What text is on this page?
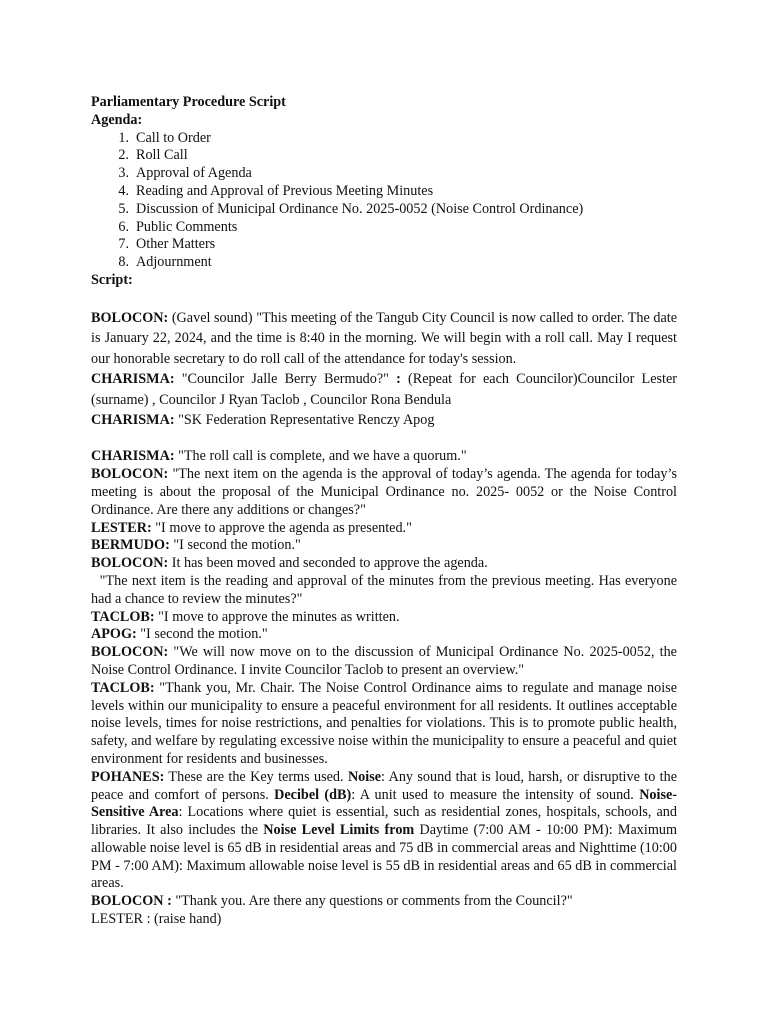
Parliamentary Procedure Script
Agenda:
1. Call to Order
2. Roll Call
3. Approval of Agenda
4. Reading and Approval of Previous Meeting Minutes
5. Discussion of Municipal Ordinance No. 2025-0052 (Noise Control Ordinance)
6. Public Comments
7. Other Matters
8. Adjournment
Script:

BOLOCON: (Gavel sound) "This meeting of the Tangub City Council is now called to order. The date is January 22, 2024, and the time is 8:40 in the morning. We will begin with a roll call. May I request our honorable secretary to do roll call of the attendance for today's session.

CHARISMA: "Councilor Jalle Berry Bermudo?" : (Repeat for each Councilor)Councilor Lester (surname) , Councilor J Ryan Taclob , Councilor Rona Bendula

CHARISMA: "SK Federation Representative Renczy Apog

CHARISMA: "The roll call is complete, and we have a quorum."

BOLOCON: "The next item on the agenda is the approval of today’s agenda. The agenda for today’s meeting is about the proposal of the Municipal Ordinance no. 2025- 0052 or the Noise Control Ordinance. Are there any additions or changes?"

LESTER: "I move to approve the agenda as presented."

BERMUDO: "I second the motion."

BOLOCON: It has been moved and seconded to approve the agenda.

"The next item is the reading and approval of the minutes from the previous meeting. Has everyone had a chance to review the minutes?"

TACLOB: "I move to approve the minutes as written.

APOG: "I second the motion."

BOLOCON: "We will now move on to the discussion of Municipal Ordinance No. 2025-0052, the Noise Control Ordinance. I invite Councilor Taclob to present an overview."

TACLOB: "Thank you, Mr. Chair. The Noise Control Ordinance aims to regulate and manage noise levels within our municipality to ensure a peaceful environment for all residents. It outlines acceptable noise levels, times for noise restrictions, and penalties for violations. This is to promote public health, safety, and welfare by regulating excessive noise within the municipality to ensure a peaceful and quiet environment for residents and businesses.

POHANES: These are the Key terms used. Noise: Any sound that is loud, harsh, or disruptive to the peace and comfort of persons. Decibel (dB): A unit used to measure the intensity of sound. Noise-Sensitive Area: Locations where quiet is essential, such as residential zones, hospitals, schools, and libraries. It also includes the Noise Level Limits from Daytime (7:00 AM - 10:00 PM): Maximum allowable noise level is 65 dB in residential areas and 75 dB in commercial areas and Nighttime (10:00 PM - 7:00 AM): Maximum allowable noise level is 55 dB in residential areas and 65 dB in commercial areas.

BOLOCON : "Thank you. Are there any questions or comments from the Council?"

LESTER : (raise hand)
